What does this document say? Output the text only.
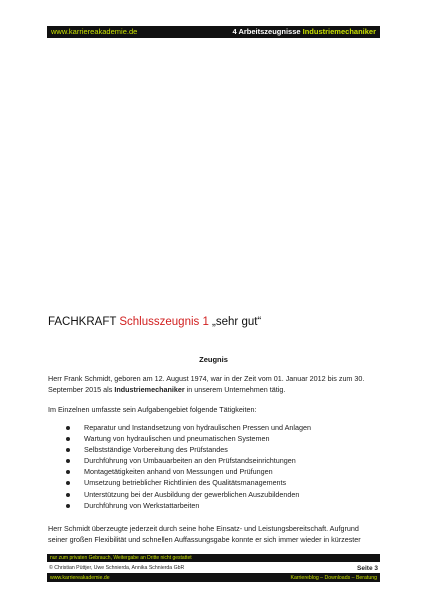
www.karriereakademie.de	4 Arbeitszeugnisse Industriemechaniker
FACHKRAFT Schlusszeugnis 1 „sehr gut“
Zeugnis

Herr Frank Schmidt, geboren am 12. August 1974, war in der Zeit vom 01. Januar 2012 bis zum 30. September 2015 als Industriemechaniker in unserem Unternehmen tätig.

Im Einzelnen umfasste sein Aufgabengebiet folgende Tätigkeiten:

Reparatur und Instandsetzung von hydraulischen Pressen und Anlagen
Wartung von hydraulischen und pneumatischen Systemen
Selbstständige Vorbereitung des Prüfstandes
Durchführung von Umbauarbeiten an den Prüfstandseinrichtungen
Montagetätigkeiten anhand von Messungen und Prüfungen
Umsetzung betrieblicher Richtlinien des Qualitätsmanagements
Unterstützung bei der Ausbildung der gewerblichen Auszubildenden
Durchführung von Werkstattarbeiten

Herr Schmidt überzeugte jederzeit durch seine hohe Einsatz- und Leistungsbereitschaft. Aufgrund seiner großen Flexibilität und schnellen Auffassungsgabe konnte er sich immer wieder in kürzester

nur zum privaten Gebrauch, Weitergabe an Dritte nicht gestattet
© Christian Püttjer, Uwe Schnierda, Annika Schnierda GbR	Seite 3
www.karriereakademie.de	Karriereblog – Downloads – Beratung
